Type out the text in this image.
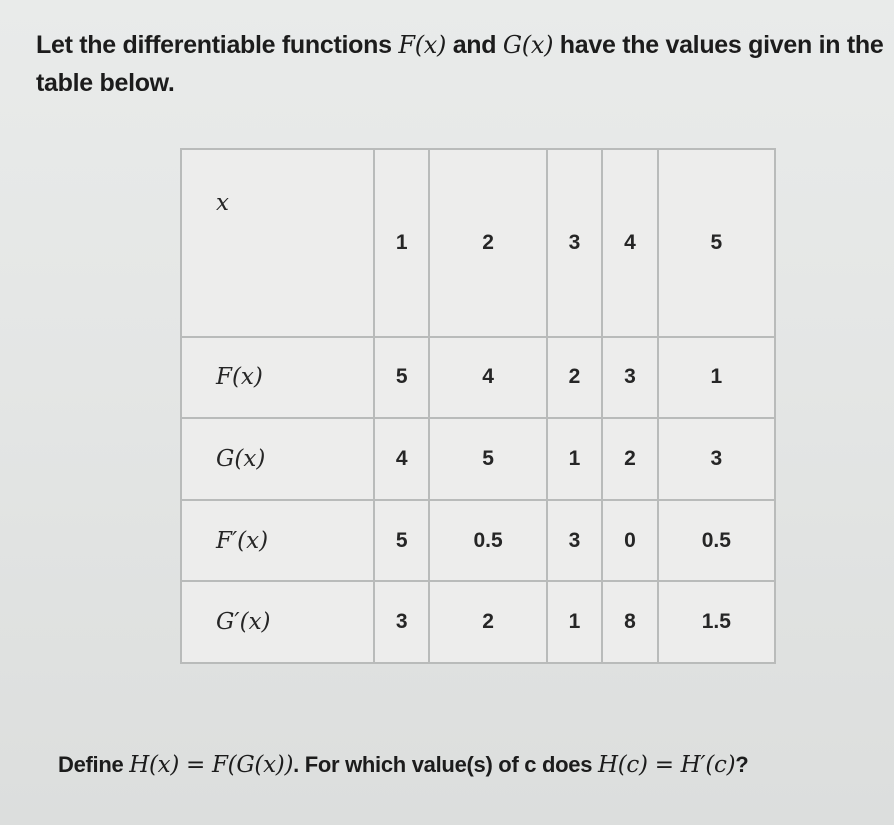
Let the differentiable functions F(x) and G(x) have the values given in the table below.
x	1	2	3	4	5
F(x)	5	4	2	3	1
G(x)	4	5	1	2	3
F′(x)	5	0.5	3	0	0.5
G′(x)	3	2	1	8	1.5
Define H(x) = F(G(x)). For which value(s) of c does H(c) = H′(c)?
